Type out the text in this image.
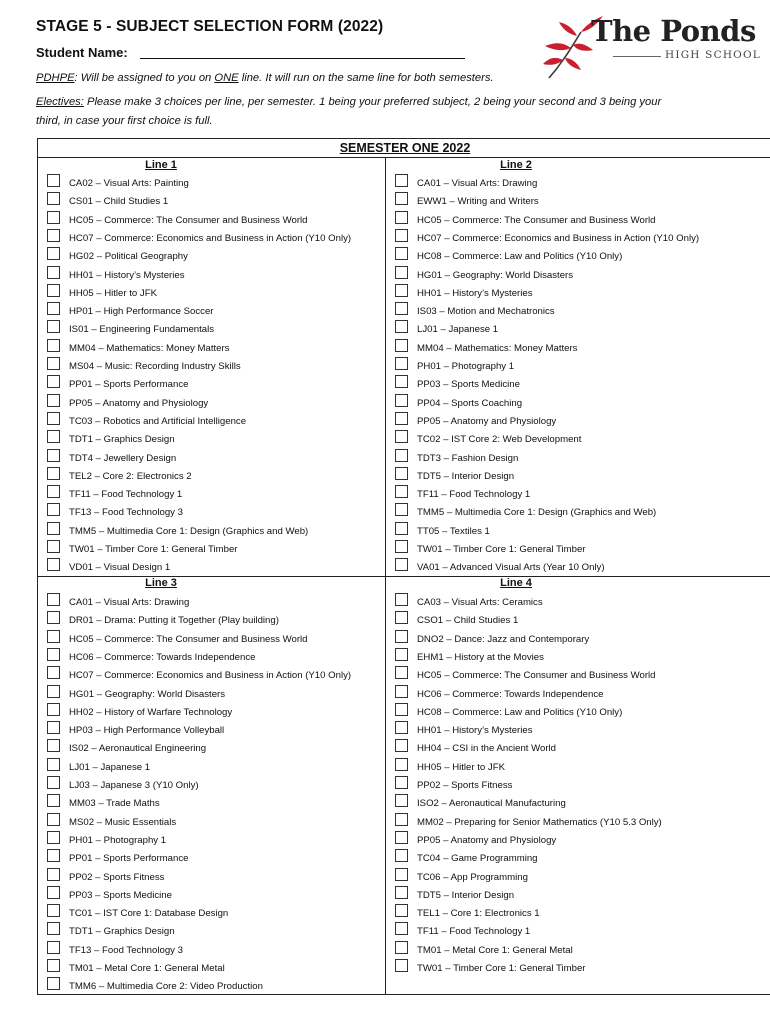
STAGE 5 - SUBJECT SELECTION FORM (2022)
Student Name:
PDHPE: Will be assigned to you on ONE line. It will run on the same line for both semesters.
Electives: Please make 3 choices per line, per semester. 1 being your preferred subject, 2 being your second and 3 being your
third, in case your first choice is full.
The Ponds
HIGH SCHOOL
SEMESTER ONE 2022
Line 1
CA02 – Visual Arts: Painting
CS01 – Child Studies 1
HC05 – Commerce: The Consumer and Business World
HC07 – Commerce: Economics and Business in Action (Y10 Only)
HG02 – Political Geography
HH01 – History’s Mysteries
HH05 – Hitler to JFK
HP01 – High Performance Soccer
IS01 – Engineering Fundamentals
MM04 – Mathematics: Money Matters
MS04 – Music: Recording Industry Skills
PP01 – Sports Performance
PP05 – Anatomy and Physiology
TC03 – Robotics and Artificial Intelligence
TDT1 – Graphics Design
TDT4 – Jewellery Design
TEL2 – Core 2: Electronics 2
TF11 – Food Technology 1
TF13 – Food Technology 3
TMM5 – Multimedia Core 1: Design (Graphics and Web)
TW01 – Timber Core 1: General Timber
VD01 – Visual Design 1
Line 2
CA01 – Visual Arts: Drawing
EWW1 – Writing and Writers
HC05 – Commerce: The Consumer and Business World
HC07 – Commerce: Economics and Business in Action (Y10 Only)
HC08 – Commerce: Law and Politics (Y10 Only)
HG01 – Geography: World Disasters
HH01 – History’s Mysteries
IS03 – Motion and Mechatronics
LJ01 – Japanese 1
MM04 – Mathematics: Money Matters
PH01 – Photography 1
PP03 – Sports Medicine
PP04 – Sports Coaching
PP05 – Anatomy and Physiology
TC02 – IST Core 2: Web Development
TDT3 – Fashion Design
TDT5 – Interior Design
TF11 – Food Technology 1
TMM5 – Multimedia Core 1: Design (Graphics and Web)
TT05 – Textiles 1
TW01 – Timber Core 1: General Timber
VA01 – Advanced Visual Arts (Year 10 Only)
Line 3
CA01 – Visual Arts: Drawing
DR01 – Drama: Putting it Together (Play building)
HC05 – Commerce: The Consumer and Business World
HC06 – Commerce: Towards Independence
HC07 – Commerce: Economics and Business in Action (Y10 Only)
HG01 – Geography: World Disasters
HH02 – History of Warfare Technology
HP03 – High Performance Volleyball
IS02 – Aeronautical Engineering
LJ01 – Japanese 1
LJ03 – Japanese 3 (Y10 Only)
MM03 – Trade Maths
MS02 – Music Essentials
PH01 – Photography 1
PP01 – Sports Performance
PP02 – Sports Fitness
PP03 – Sports Medicine
TC01 – IST Core 1: Database Design
TDT1 – Graphics Design
TF13 – Food Technology 3
TM01 – Metal Core 1: General Metal
TMM6 – Multimedia Core 2: Video Production
Line 4
CA03 – Visual Arts: Ceramics
CSO1 – Child Studies 1
DNO2 – Dance: Jazz and Contemporary
EHM1 – History at the Movies
HC05 – Commerce: The Consumer and Business World
HC06 – Commerce: Towards Independence
HC08 – Commerce: Law and Politics (Y10 Only)
HH01 – History’s Mysteries
HH04 – CSI in the Ancient World
HH05 – Hitler to JFK
PP02 – Sports Fitness
ISO2 – Aeronautical Manufacturing
MM02 – Preparing for Senior Mathematics (Y10 5.3 Only)
PP05 – Anatomy and Physiology
TC04 – Game Programming
TC06 – App Programming
TDT5 – Interior Design
TEL1 – Core 1: Electronics 1
TF11 – Food Technology 1
TM01 – Metal Core 1: General Metal
TW01 – Timber Core 1: General Timber
